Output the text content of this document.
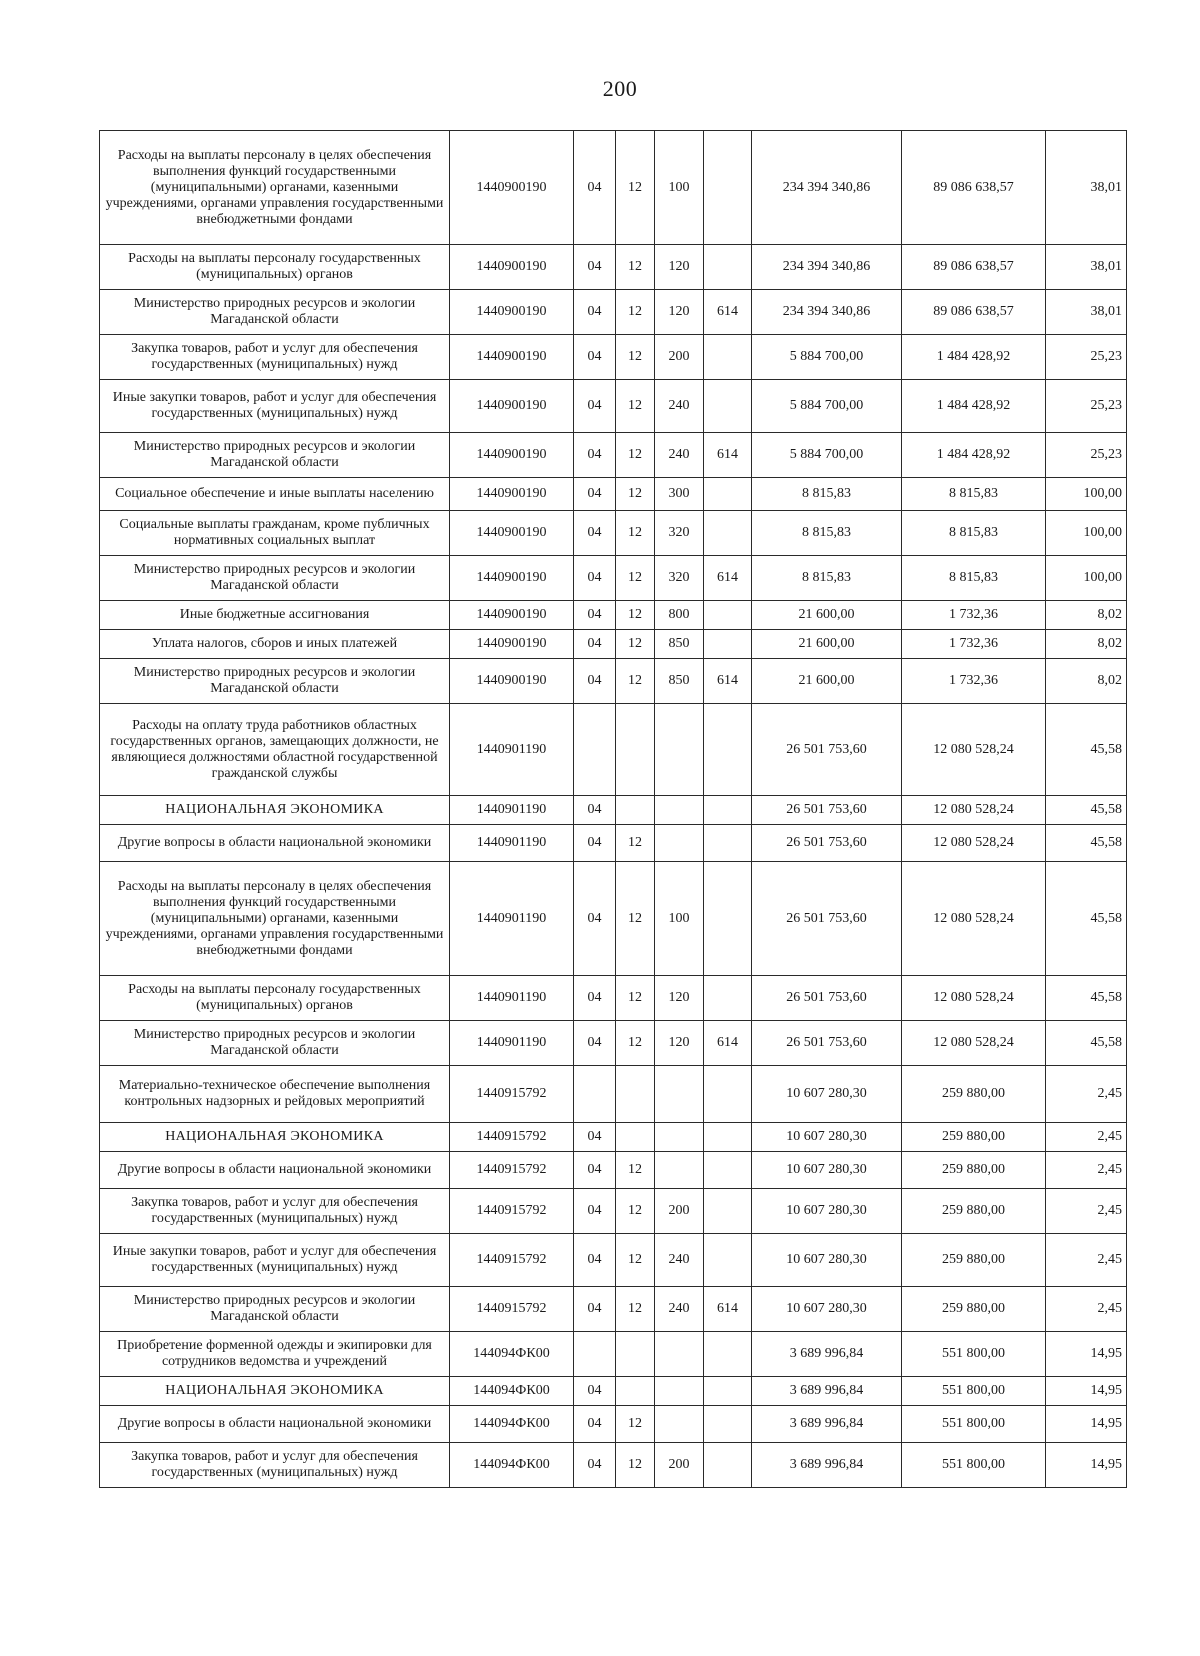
200
Расходы на выплаты персоналу в целях обеспечения выполнения функций государственными (муниципальными) органами, казенными учреждениями, органами управления государственными внебюджетными фондами	1440900190	04	12	100		234 394 340,86	89 086 638,57	38,01
Расходы на выплаты персоналу государственных (муниципальных) органов	1440900190	04	12	120		234 394 340,86	89 086 638,57	38,01
Министерство природных ресурсов и экологии Магаданской области	1440900190	04	12	120	614	234 394 340,86	89 086 638,57	38,01
Закупка товаров, работ и услуг для обеспечения государственных (муниципальных) нужд	1440900190	04	12	200		5 884 700,00	1 484 428,92	25,23
Иные закупки товаров, работ и услуг для обеспечения государственных (муниципальных) нужд	1440900190	04	12	240		5 884 700,00	1 484 428,92	25,23
Министерство природных ресурсов и экологии Магаданской области	1440900190	04	12	240	614	5 884 700,00	1 484 428,92	25,23
Социальное обеспечение и иные выплаты населению	1440900190	04	12	300		8 815,83	8 815,83	100,00
Социальные выплаты гражданам, кроме публичных нормативных социальных выплат	1440900190	04	12	320		8 815,83	8 815,83	100,00
Министерство природных ресурсов и экологии Магаданской области	1440900190	04	12	320	614	8 815,83	8 815,83	100,00
Иные бюджетные ассигнования	1440900190	04	12	800		21 600,00	1 732,36	8,02
Уплата налогов, сборов и иных платежей	1440900190	04	12	850		21 600,00	1 732,36	8,02
Министерство природных ресурсов и экологии Магаданской области	1440900190	04	12	850	614	21 600,00	1 732,36	8,02
Расходы на оплату труда работников областных государственных органов, замещающих должности, не являющиеся должностями областной государственной гражданской службы	1440901190					26 501 753,60	12 080 528,24	45,58
НАЦИОНАЛЬНАЯ ЭКОНОМИКА	1440901190	04				26 501 753,60	12 080 528,24	45,58
Другие вопросы в области национальной экономики	1440901190	04	12			26 501 753,60	12 080 528,24	45,58
Расходы на выплаты персоналу в целях обеспечения выполнения функций государственными (муниципальными) органами, казенными учреждениями, органами управления государственными внебюджетными фондами	1440901190	04	12	100		26 501 753,60	12 080 528,24	45,58
Расходы на выплаты персоналу государственных (муниципальных) органов	1440901190	04	12	120		26 501 753,60	12 080 528,24	45,58
Министерство природных ресурсов и экологии Магаданской области	1440901190	04	12	120	614	26 501 753,60	12 080 528,24	45,58
Материально-техническое обеспечение выполнения контрольных надзорных и рейдовых мероприятий	1440915792					10 607 280,30	259 880,00	2,45
НАЦИОНАЛЬНАЯ ЭКОНОМИКА	1440915792	04				10 607 280,30	259 880,00	2,45
Другие вопросы в области национальной экономики	1440915792	04	12			10 607 280,30	259 880,00	2,45
Закупка товаров, работ и услуг для обеспечения государственных (муниципальных) нужд	1440915792	04	12	200		10 607 280,30	259 880,00	2,45
Иные закупки товаров, работ и услуг для обеспечения государственных (муниципальных) нужд	1440915792	04	12	240		10 607 280,30	259 880,00	2,45
Министерство природных ресурсов и экологии Магаданской области	1440915792	04	12	240	614	10 607 280,30	259 880,00	2,45
Приобретение форменной одежды и экипировки для сотрудников ведомства и учреждений	144094ФК00					3 689 996,84	551 800,00	14,95
НАЦИОНАЛЬНАЯ ЭКОНОМИКА	144094ФК00	04				3 689 996,84	551 800,00	14,95
Другие вопросы в области национальной экономики	144094ФК00	04	12			3 689 996,84	551 800,00	14,95
Закупка товаров, работ и услуг для обеспечения государственных (муниципальных) нужд	144094ФК00	04	12	200		3 689 996,84	551 800,00	14,95
